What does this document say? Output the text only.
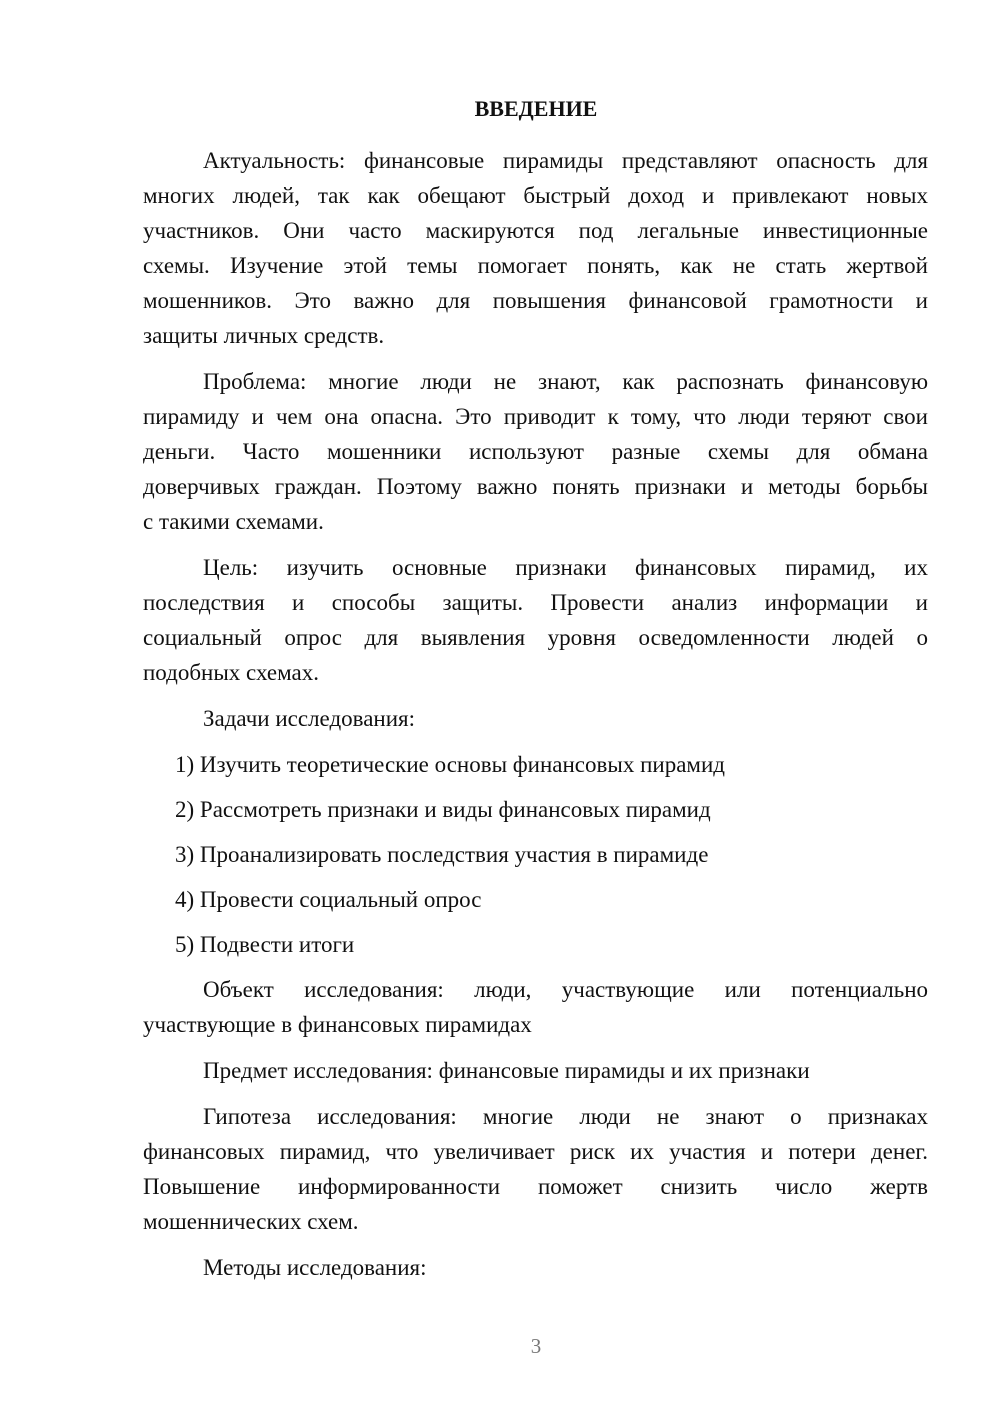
ВВЕДЕНИЕ
Актуальность: финансовые пирамиды представляют опасность для
многих людей, так как обещают быстрый доход и привлекают новых
участников. Они часто маскируются под легальные инвестиционные
схемы. Изучение этой темы помогает понять, как не стать жертвой
мошенников. Это важно для повышения финансовой грамотности и
защиты личных средств.
Проблема: многие люди не знают, как распознать финансовую
пирамиду и чем она опасна. Это приводит к тому, что люди теряют свои
деньги. Часто мошенники используют разные схемы для обмана
доверчивых граждан. Поэтому важно понять признаки и методы борьбы
с такими схемами.
Цель: изучить основные признаки финансовых пирамид, их
последствия и способы защиты. Провести анализ информации и
социальный опрос для выявления уровня осведомленности людей о
подобных схемах.
Задачи исследования:
1) Изучить теоретические основы финансовых пирамид
2) Рассмотреть признаки и виды финансовых пирамид
3) Проанализировать последствия участия в пирамиде
4) Провести социальный опрос
5) Подвести итоги
Объект исследования: люди, участвующие или потенциально
участвующие в финансовых пирамидах
Предмет исследования: финансовые пирамиды и их признаки
Гипотеза исследования: многие люди не знают о признаках
финансовых пирамид, что увеличивает риск их участия и потери денег.
Повышение информированности поможет снизить число жертв
мошеннических схем.
Методы исследования:
3
